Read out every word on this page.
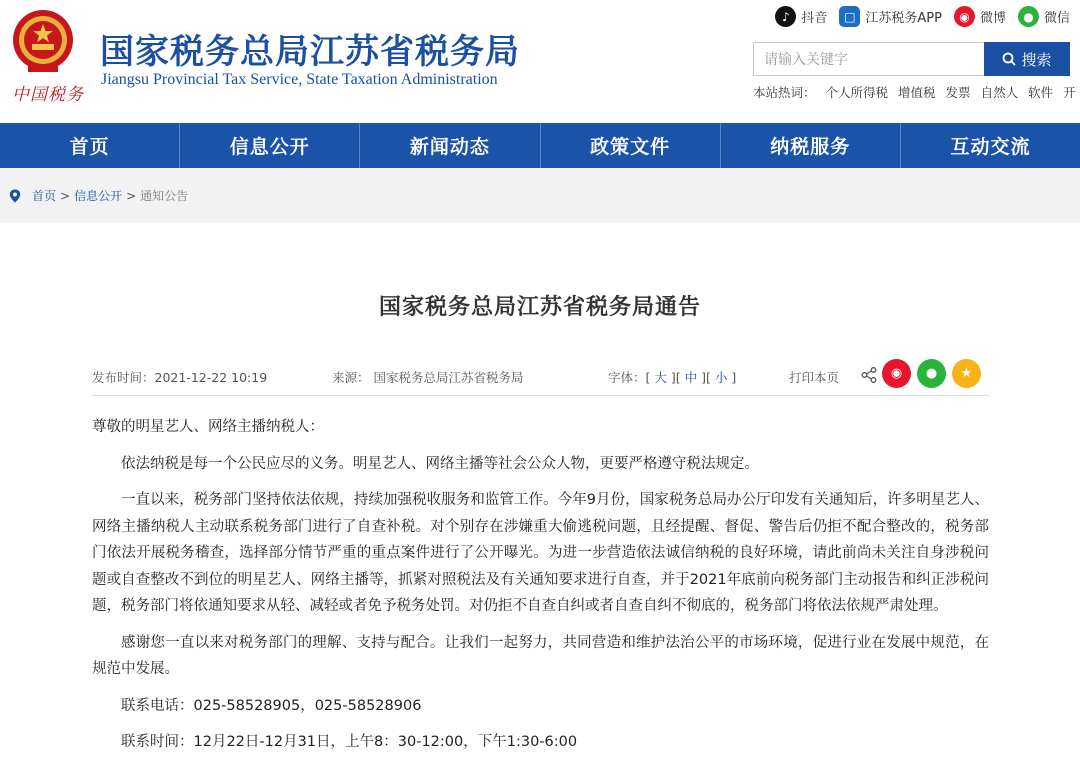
中国税务
国家税务总局江苏省税务局
Jiangsu Provincial Tax Service, State Taxation Administration
♪ 抖音	□ 江苏税务APP	◉ 微博	● 微信
请输入关键字	搜索
本站热词： 个人所得税 增值税 发票 自然人 软件 开
首页	信息公开	新闻动态	政策文件	纳税服务	互动交流
首页 > 信息公开 > 通知公告
国家税务总局江苏省税务局通告
发布时间：2021-12-22 10:19	来源： 国家税务总局江苏省税务局	字体：[ 大 ][ 中 ][ 小 ]	打印本页	◉	●	★

尊敬的明星艺人、网络主播纳税人：

依法纳税是每一个公民应尽的义务。明星艺人、网络主播等社会公众人物，更要严格遵守税法规定。

一直以来，税务部门坚持依法依规，持续加强税收服务和监管工作。今年9月份，国家税务总局办公厅印发有关通知后，许多明星艺人、网络主播纳税人主动联系税务部门进行了自查补税。对个别存在涉嫌重大偷逃税问题，且经提醒、督促、警告后仍拒不配合整改的，税务部门依法开展税务稽查，选择部分情节严重的重点案件进行了公开曝光。为进一步营造依法诚信纳税的良好环境，请此前尚未关注自身涉税问题或自查整改不到位的明星艺人、网络主播等，抓紧对照税法及有关通知要求进行自查，并于2021年底前向税务部门主动报告和纠正涉税问题，税务部门将依通知要求从轻、减轻或者免予税务处罚。对仍拒不自查自纠或者自查自纠不彻底的，税务部门将依法依规严肃处理。

感谢您一直以来对税务部门的理解、支持与配合。让我们一起努力，共同营造和维护法治公平的市场环境，促进行业在发展中规范，在规范中发展。

联系电话：025-58528905，025-58528906

联系时间：12月22日-12月31日，上午8：30-12:00，下午1:30-6:00
